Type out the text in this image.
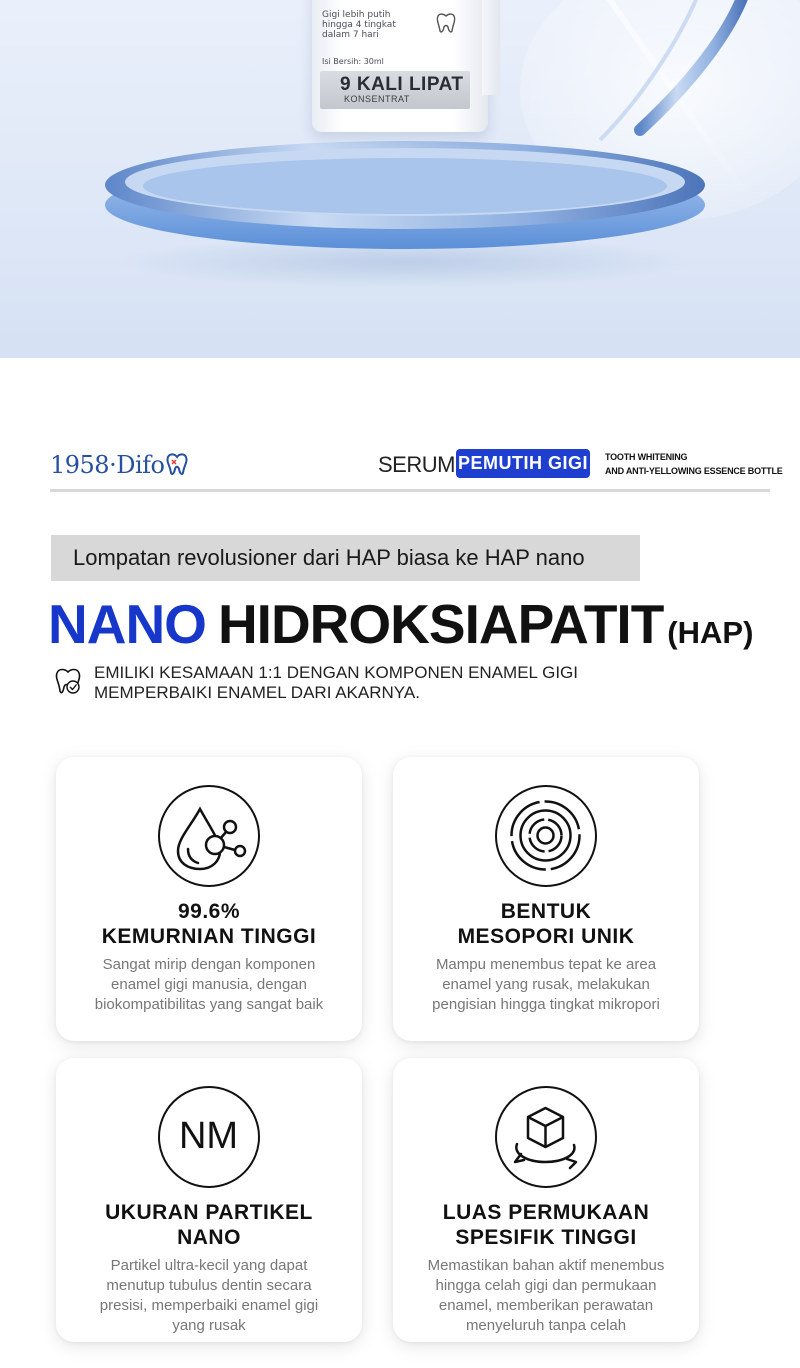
Gigi lebih putih
hingga 4 tingkat
dalam 7 hari
Isi Bersih: 30ml
9 KALI LIPAT
KONSENTRAT
1958·Difo	SERUM PEMUTIH GIGI TOOTH WHITENING
AND ANTI-YELLOWING ESSENCE BOTTLE
Lompatan revolusioner dari HAP biasa ke HAP nano
NANO HIDROKSIAPATIT (HAP)
EMILIKI KESAMAAN 1:1 DENGAN KOMPONEN ENAMEL GIGI
MEMPERBAIKI ENAMEL DARI AKARNYA.
99.6%
KEMURNIAN TINGGI
Sangat mirip dengan komponen
enamel gigi manusia, dengan
biokompatibilitas yang sangat baik
BENTUK
MESOPORI UNIK
Mampu menembus tepat ke area
enamel yang rusak, melakukan
pengisian hingga tingkat mikropori
NM
UKURAN PARTIKEL
NANO
Partikel ultra-kecil yang dapat
menutup tubulus dentin secara
presisi, memperbaiki enamel gigi
yang rusak
LUAS PERMUKAAN
SPESIFIK TINGGI
Memastikan bahan aktif menembus
hingga celah gigi dan permukaan
enamel, memberikan perawatan
menyeluruh tanpa celah
